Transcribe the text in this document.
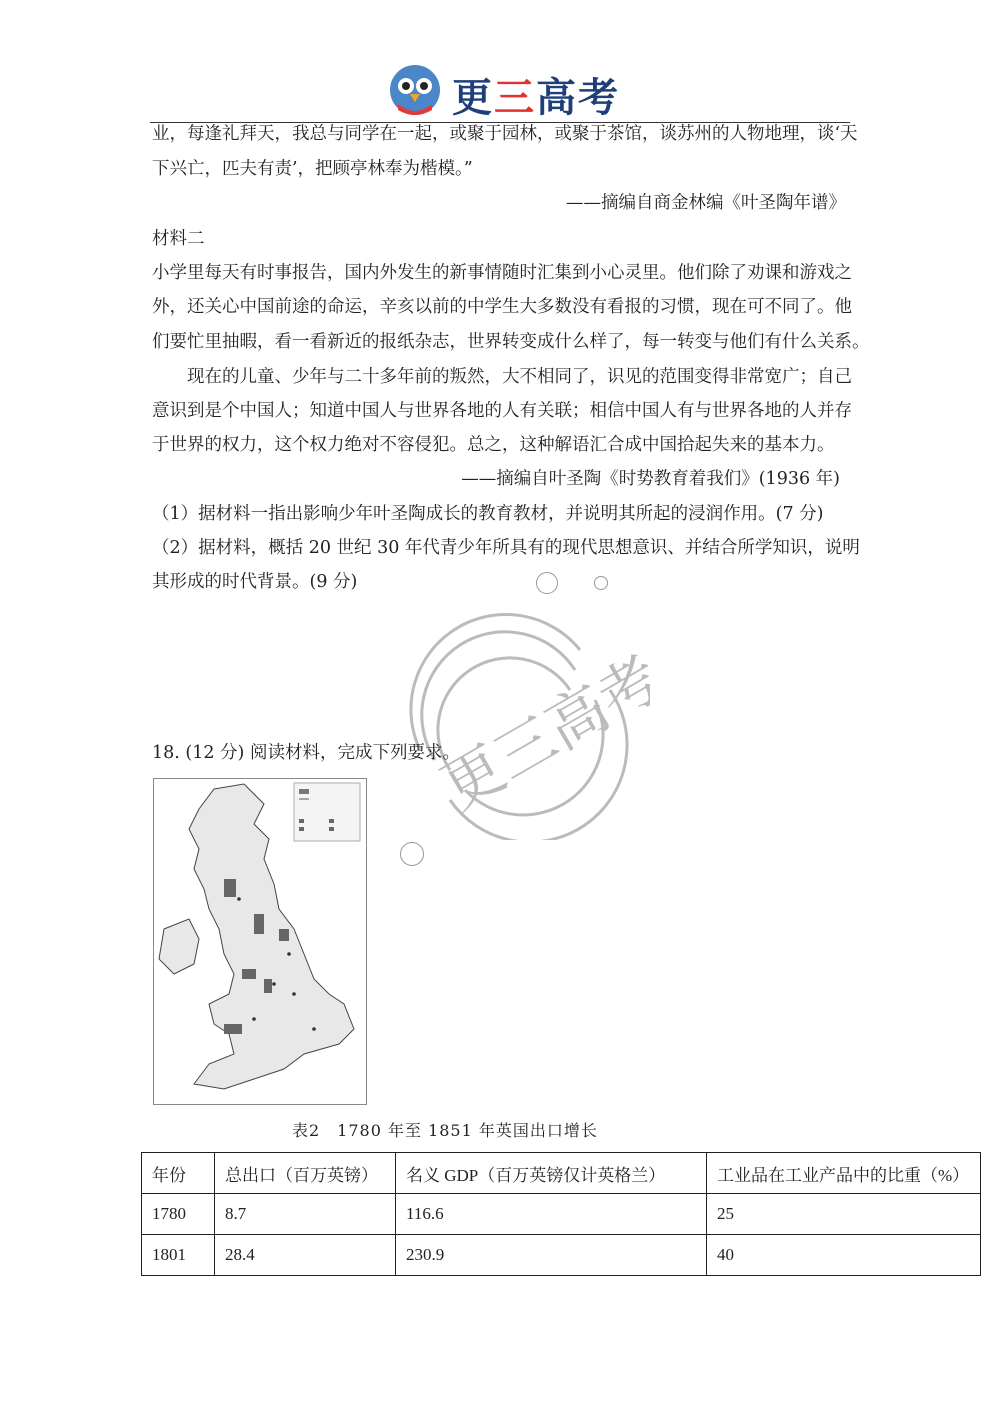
更三高考
业，每逢礼拜天，我总与同学在一起，或聚于园林，或聚于茶馆，谈苏州的人物地理，谈‘天
下兴亡，匹夫有责’，把顾亭林奉为楷模。”
——摘编自商金林编《叶圣陶年谱》
材料二
小学里每天有时事报告，国内外发生的新事情随时汇集到小心灵里。他们除了劝课和游戏之
外，还关心中国前途的命运，辛亥以前的中学生大多数没有看报的习惯，现在可不同了。他
们要忙里抽暇，看一看新近的报纸杂志，世界转变成什么样了，每一转变与他们有什么关系。
　　现在的儿童、少年与二十多年前的叛然，大不相同了，识见的范围变得非常宽广；自己
意识到是个中国人；知道中国人与世界各地的人有关联；相信中国人有与世界各地的人并存
于世界的权力，这个权力绝对不容侵犯。总之，这种解语汇合成中国拾起失来的基本力。
——摘编自叶圣陶《时势教育着我们》(1936 年)
（1）据材料一指出影响少年叶圣陶成长的教育教材，并说明其所起的浸润作用。(7 分)
（2）据材料，概括 20 世纪 30 年代青少年所具有的现代思想意识、并结合所学知识，说明
其形成的时代背景。(9 分)
更三高考
18. (12 分) 阅读材料，完成下列要求。
表2　1780 年至 1851 年英国出口增长
年份	总出口（百万英镑）	名义 GDP（百万英镑仅计英格兰）	工业品在工业产品中的比重（%）
1780	8.7	116.6	25
1801	28.4	230.9	40
